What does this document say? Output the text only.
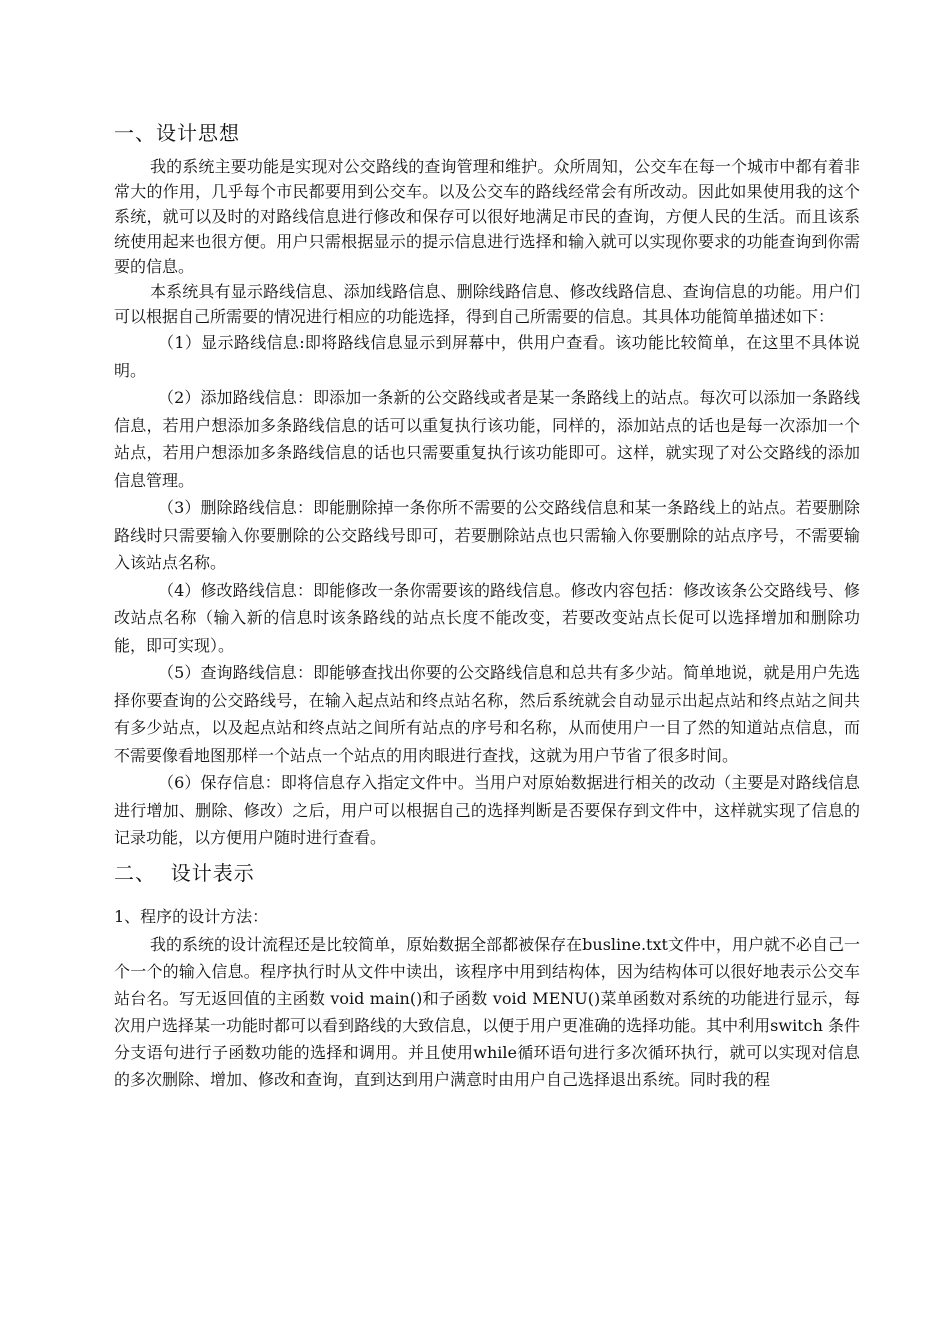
一、设计思想

我的系统主要功能是实现对公交路线的查询管理和维护。众所周知，公交车在每一个城市中都有着非常大的作用，几乎每个市民都要用到公交车。以及公交车的路线经常会有所改动。因此如果使用我的这个系统，就可以及时的对路线信息进行修改和保存可以很好地满足市民的查询，方便人民的生活。而且该系统使用起来也很方便。用户只需根据显示的提示信息进行选择和输入就可以实现你要求的功能查询到你需要的信息。

本系统具有显示路线信息、添加线路信息、删除线路信息、修改线路信息、查询信息的功能。用户们可以根据自己所需要的情况进行相应的功能选择，得到自己所需要的信息。其具体功能简单描述如下：

（1）显示路线信息:即将路线信息显示到屏幕中，供用户查看。该功能比较简单，在这里不具体说明。

（2）添加路线信息：即添加一条新的公交路线或者是某一条路线上的站点。每次可以添加一条路线信息，若用户想添加多条路线信息的话可以重复执行该功能，同样的，添加站点的话也是每一次添加一个站点，若用户想添加多条路线信息的话也只需要重复执行该功能即可。这样，就实现了对公交路线的添加信息管理。

（3）删除路线信息：即能删除掉一条你所不需要的公交路线信息和某一条路线上的站点。若要删除路线时只需要输入你要删除的公交路线号即可，若要删除站点也只需输入你要删除的站点序号，不需要输入该站点名称。

（4）修改路线信息：即能修改一条你需要该的路线信息。修改内容包括：修改该条公交路线号、修改站点名称（输入新的信息时该条路线的站点长度不能改变，若要改变站点长促可以选择增加和删除功能，即可实现）。

（5）查询路线信息：即能够查找出你要的公交路线信息和总共有多少站。简单地说，就是用户先选择你要查询的公交路线号，在输入起点站和终点站名称，然后系统就会自动显示出起点站和终点站之间共有多少站点，以及起点站和终点站之间所有站点的序号和名称，从而使用户一目了然的知道站点信息，而不需要像看地图那样一个站点一个站点的用肉眼进行查找，这就为用户节省了很多时间。

（6）保存信息：即将信息存入指定文件中。当用户对原始数据进行相关的改动（主要是对路线信息进行增加、删除、修改）之后，用户可以根据自己的选择判断是否要保存到文件中，这样就实现了信息的记录功能，以方便用户随时进行查看。

二、  设计表示
1、程序的设计方法：

我的系统的设计流程还是比较简单，原始数据全部都被保存在busline.txt文件中，用户就不必自己一个一个的输入信息。程序执行时从文件中读出，该程序中用到结构体，因为结构体可以很好地表示公交车站台名。写无返回值的主函数 void main()和子函数 void MENU()菜单函数对系统的功能进行显示，每次用户选择某一功能时都可以看到路线的大致信息，以便于用户更准确的选择功能。其中利用switch 条件分支语句进行子函数功能的选择和调用。并且使用while循环语句进行多次循环执行，就可以实现对信息的多次删除、增加、修改和查询，直到达到用户满意时由用户自己选择退出系统。同时我的程
